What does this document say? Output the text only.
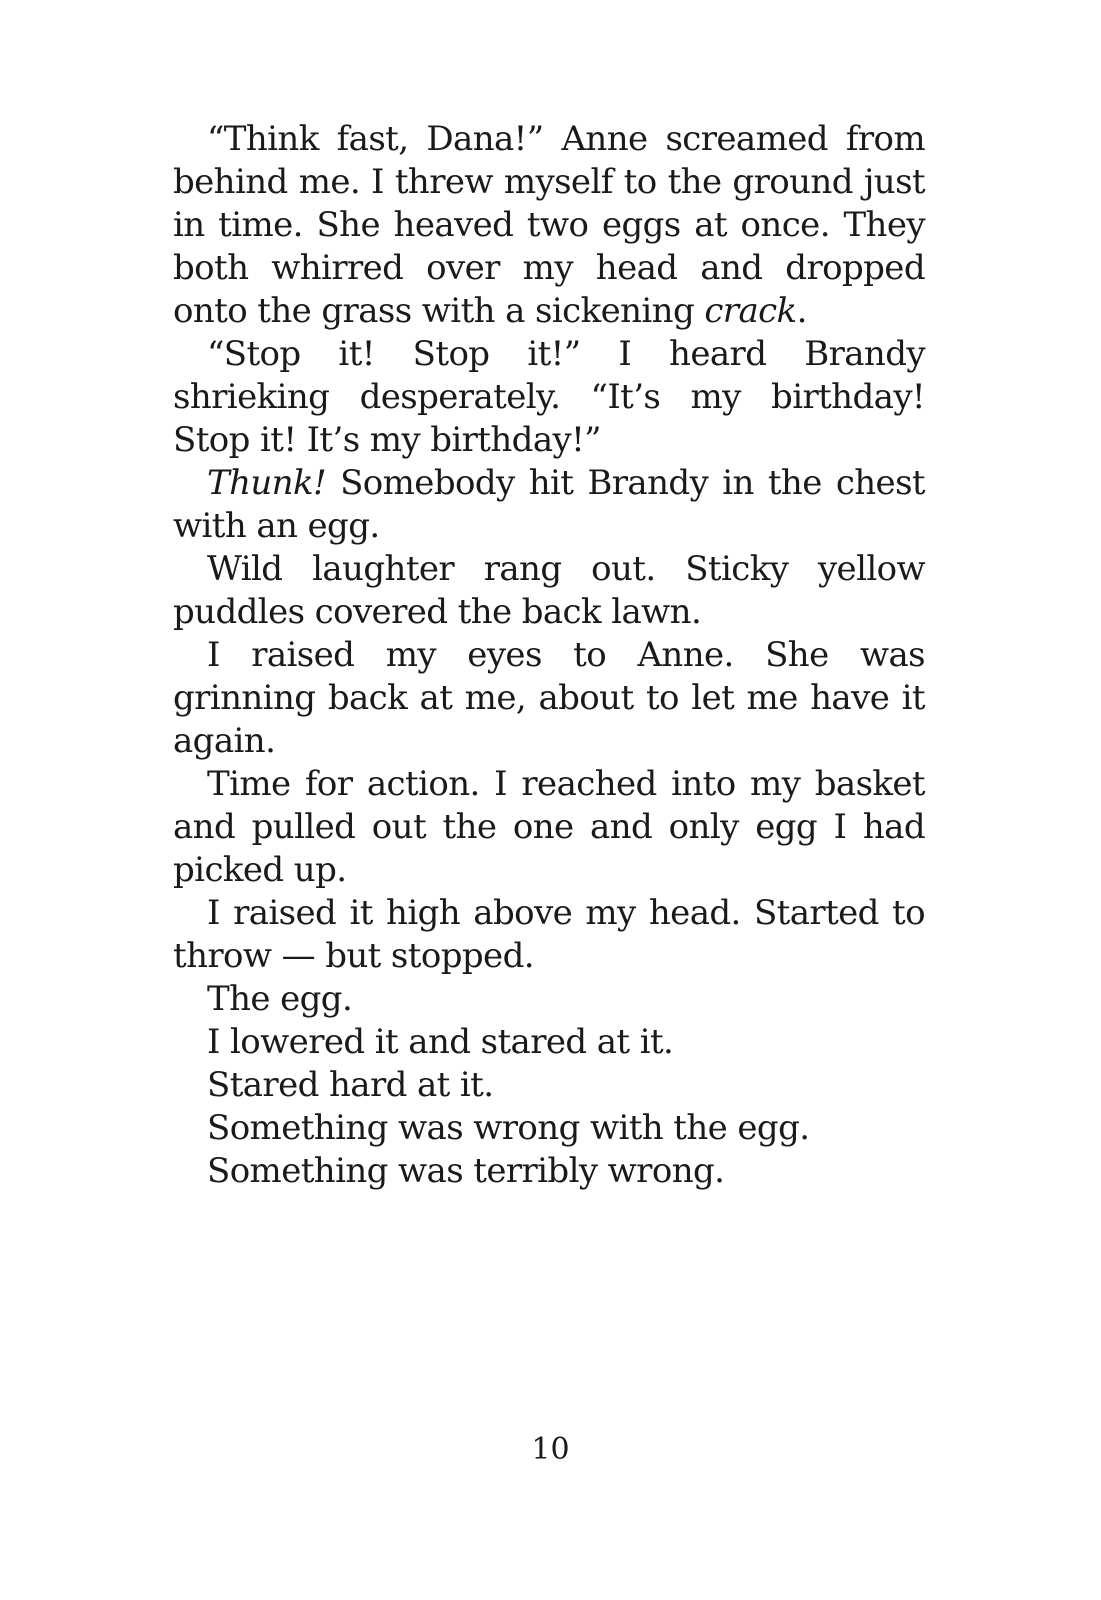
“Think fast, Dana!” Anne screamed from behind me. I threw myself to the ground just in time. She heaved two eggs at once. They both whirred over my head and dropped onto the grass with a sickening crack.

“Stop it! Stop it!” I heard Brandy shrieking desperately. “It’s my birthday! Stop it! It’s my birthday!”

Thunk! Somebody hit Brandy in the chest with an egg.

Wild laughter rang out. Sticky yellow puddles covered the back lawn.

I raised my eyes to Anne. She was grinning back at me, about to let me have it again.

Time for action. I reached into my basket and pulled out the one and only egg I had picked up.

I raised it high above my head. Started to throw — but stopped.

The egg.

I lowered it and stared at it.

Stared hard at it.

Something was wrong with the egg.

Something was terribly wrong.

10
